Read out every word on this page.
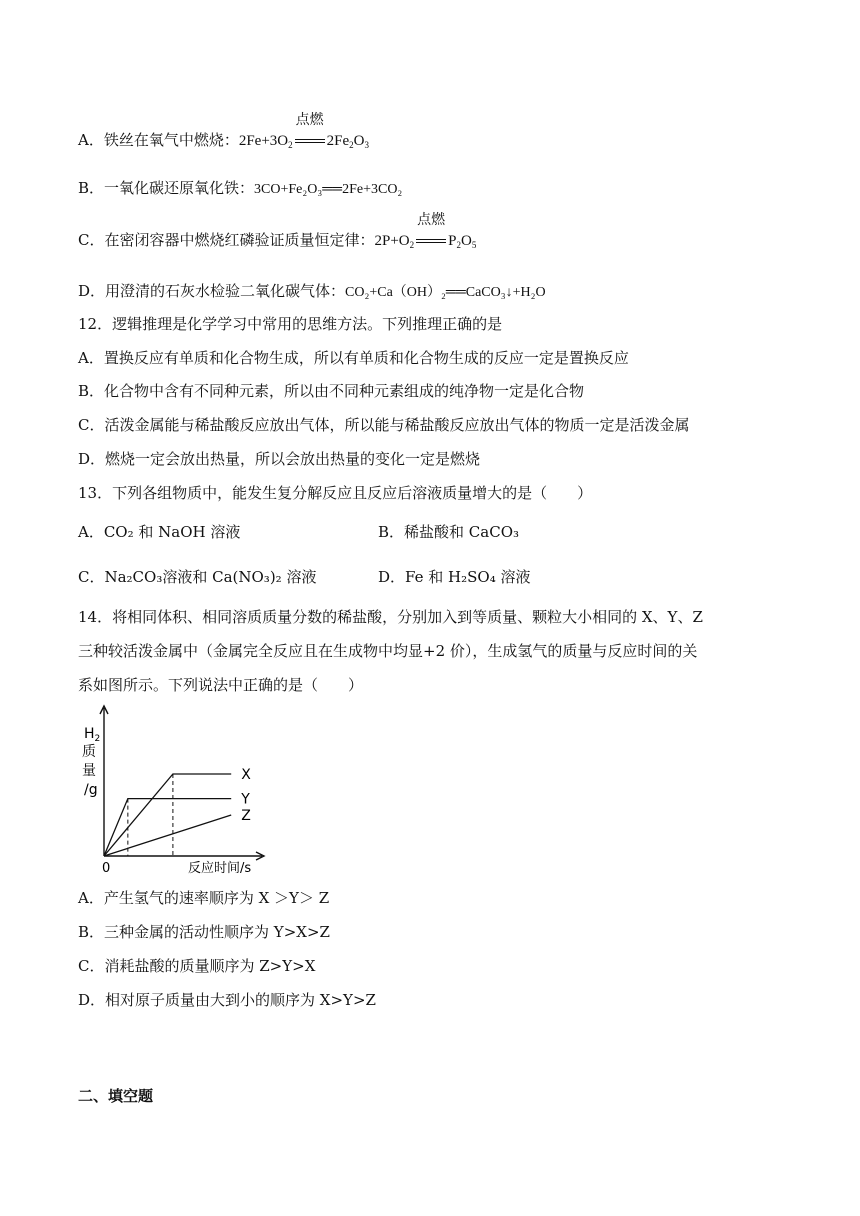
A．铁丝在氧气中燃烧：$2Fe+3O_2$
点燃
$2Fe_2O_3$
B．一氧化碳还原氧化铁：3CO+Fe₂O₃══2Fe+3CO₂
C．在密闭容器中燃烧红磷验证质量恒定律：$2P+O_2$
点燃
$P_2O_5$
D．用澄清的石灰水检验二氧化碳气体：CO₂+Ca（OH）₂══CaCO₃↓+H₂O
12．逻辑推理是化学学习中常用的思维方法。下列推理正确的是
A．置换反应有单质和化合物生成，所以有单质和化合物生成的反应一定是置换反应
B．化合物中含有不同种元素，所以由不同种元素组成的纯净物一定是化合物
C．活泼金属能与稀盐酸反应放出气体，所以能与稀盐酸反应放出气体的物质一定是活泼金属
D．燃烧一定会放出热量，所以会放出热量的变化一定是燃烧
13．下列各组物质中，能发生复分解反应且反应后溶液质量增大的是（　　）
A．CO₂ 和 NaOH 溶液	B．稀盐酸和 CaCO₃
C．Na₂CO₃溶液和 Ca(NO₃)₂ 溶液	D．Fe 和 H₂SO₄ 溶液
14．将相同体积、相同溶质质量分数的稀盐酸，分别加入到等质量、颗粒大小相同的 X、Y、Z
三种较活泼金属中（金属完全反应且在生成物中均显+2 价），生成氢气的质量与反应时间的关
系如图所示。下列说法中正确的是（　　）
X
Y
Z
$H_2$
质
量
/g
反应时间/s
0
A．产生氢气的速率顺序为 X ＞Y＞ Z
B．三种金属的活动性顺序为 Y>X>Z
C．消耗盐酸的质量顺序为 Z>Y>X
D．相对原子质量由大到小的顺序为 X>Y>Z
二、填空题
